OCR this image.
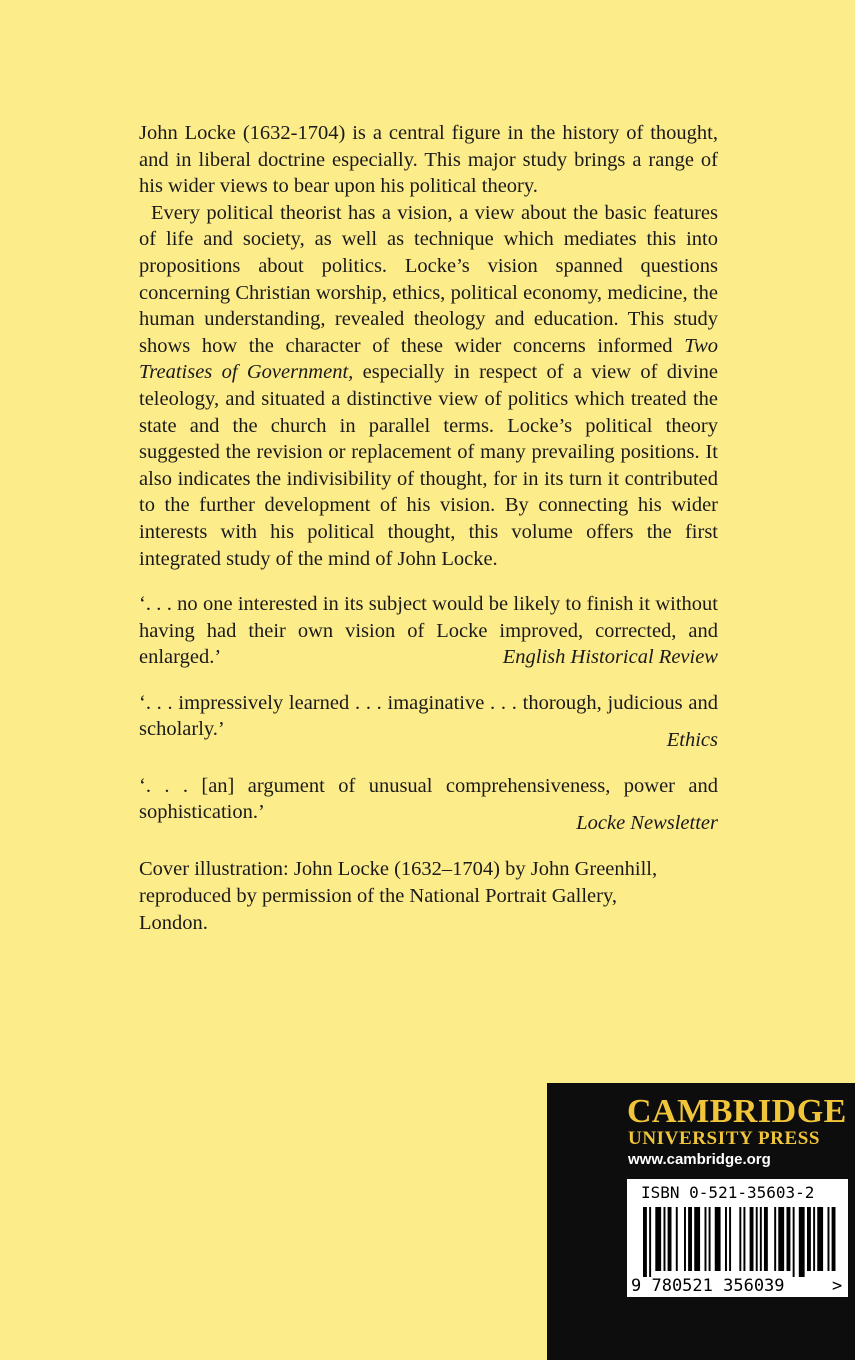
John Locke (1632-1704) is a central figure in the history of thought, and in liberal doctrine especially. This major study brings a range of his wider views to bear upon his political theory.

Every political theorist has a vision, a view about the basic features of life and society, as well as technique which mediates this into propositions about politics. Locke’s vision spanned questions concerning Christian worship, ethics, political economy, medicine, the human understanding, revealed theology and education. This study shows how the character of these wider concerns informed Two Treatises of Government, especially in respect of a view of divine teleology, and situated a distinctive view of politics which treated the state and the church in parallel terms. Locke’s political theory suggested the revision or replacement of many prevailing positions. It also indicates the indivisibility of thought, for in its turn it contributed to the further development of his vision. By connecting his wider interests with his political thought, this volume offers the first integrated study of the mind of John Locke.

‘. . . no one interested in its subject would be likely to finish it without having had their own vision of Locke improved, corrected, and enlarged.’	English Historical Review

‘. . . impressively learned . . . imaginative . . . thorough, judicious and scholarly.’	Ethics

‘. . . [an] argument of unusual comprehensiveness, power and sophistication.’	Locke Newsletter
Cover illustration: John Locke (1632–1704) by John Greenhill,
reproduced by permission of the National Portrait Gallery,
London.
CAMBRIDGE
UNIVERSITY PRESS
www.cambridge.org
9 780521 356039	>
ISBN 0-521-35603-2
